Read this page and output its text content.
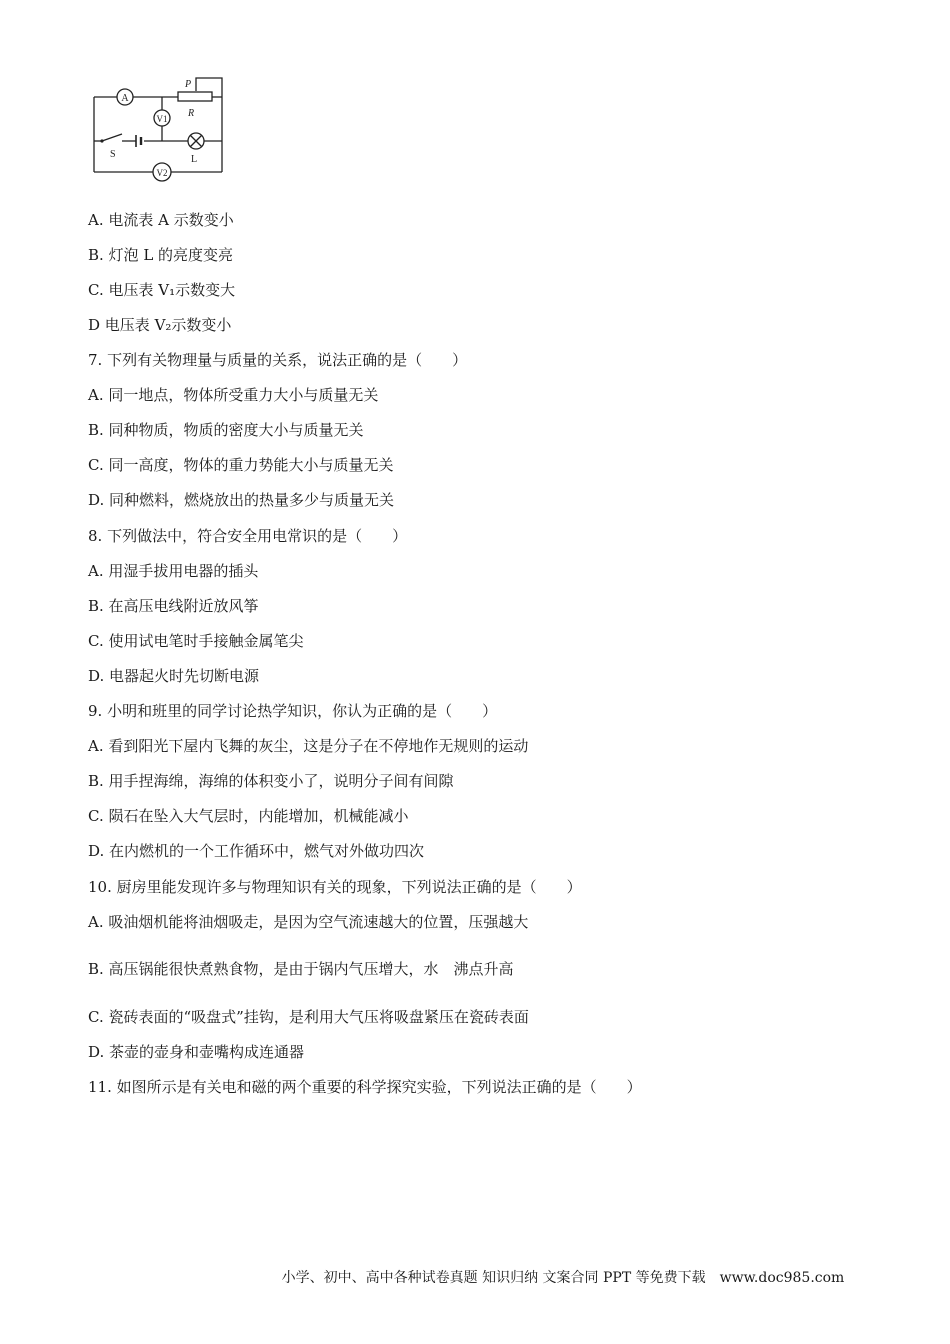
A
V1
V2
R
P
S	L
A. 电流表 A 示数变小
B. 灯泡 L 的亮度变亮
C. 电压表 V₁示数变大
D 电压表 V₂示数变小
7. 下列有关物理量与质量的关系，说法正确的是（　　）
A. 同一地点，物体所受重力大小与质量无关
B. 同种物质，物质的密度大小与质量无关
C. 同一高度，物体的重力势能大小与质量无关
D. 同种燃料，燃烧放出的热量多少与质量无关
8. 下列做法中，符合安全用电常识的是（　　）
A. 用湿手拔用电器的插头
B. 在高压电线附近放风筝
C. 使用试电笔时手接触金属笔尖
D. 电器起火时先切断电源
9. 小明和班里的同学讨论热学知识，你认为正确的是（　　）
A. 看到阳光下屋内飞舞的灰尘，这是分子在不停地作无规则的运动
B. 用手捏海绵，海绵的体积变小了，说明分子间有间隙
C. 陨石在坠入大气层时，内能增加，机械能减小
D. 在内燃机的一个工作循环中，燃气对外做功四次
10. 厨房里能发现许多与物理知识有关的现象，下列说法正确的是（　　）
A. 吸油烟机能将油烟吸走，是因为空气流速越大的位置，压强越大
B. 高压锅能很快煮熟食物，是由于锅内气压增大，水　沸点升高
C. 瓷砖表面的“吸盘式”挂钩，是利用大气压将吸盘紧压在瓷砖表面
D. 茶壶的壶身和壶嘴构成连通器
11. 如图所示是有关电和磁的两个重要的科学探究实验，下列说法正确的是（　　）
小学、初中、高中各种试卷真题 知识归纳 文案合同 PPT 等免费下载　www.doc985.com
